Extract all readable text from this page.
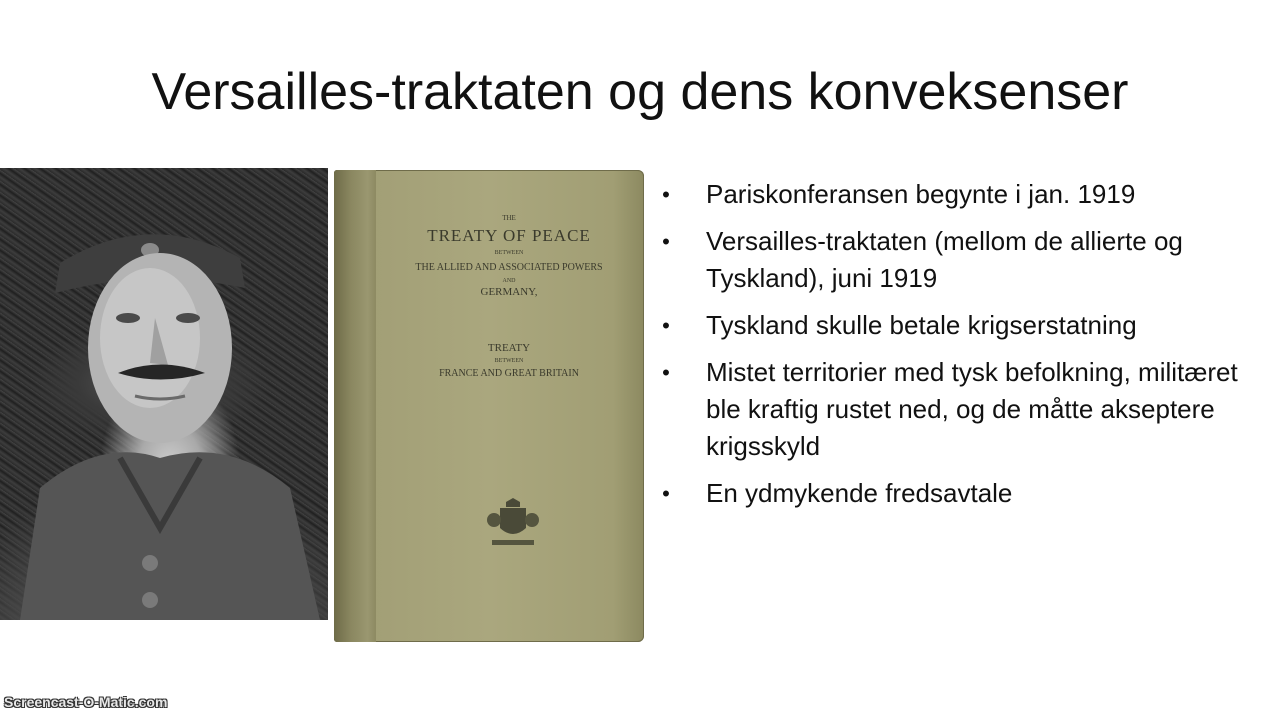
Versailles-traktaten og dens konveksenser
THE
TREATY OF PEACE
BETWEEN
THE ALLIED AND ASSOCIATED POWERS
AND
GERMANY,
TREATY
BETWEEN
FRANCE AND GREAT BRITAIN
• Pariskonferansen begynte i jan. 1919
• Versailles-traktaten (mellom de allierte og Tyskland), juni 1919
• Tyskland skulle betale krigserstatning
• Mistet territorier med tysk befolkning, militæret ble kraftig rustet ned, og de måtte akseptere krigsskyld
• En ydmykende fredsavtale
Screencast-O-Matic.com
